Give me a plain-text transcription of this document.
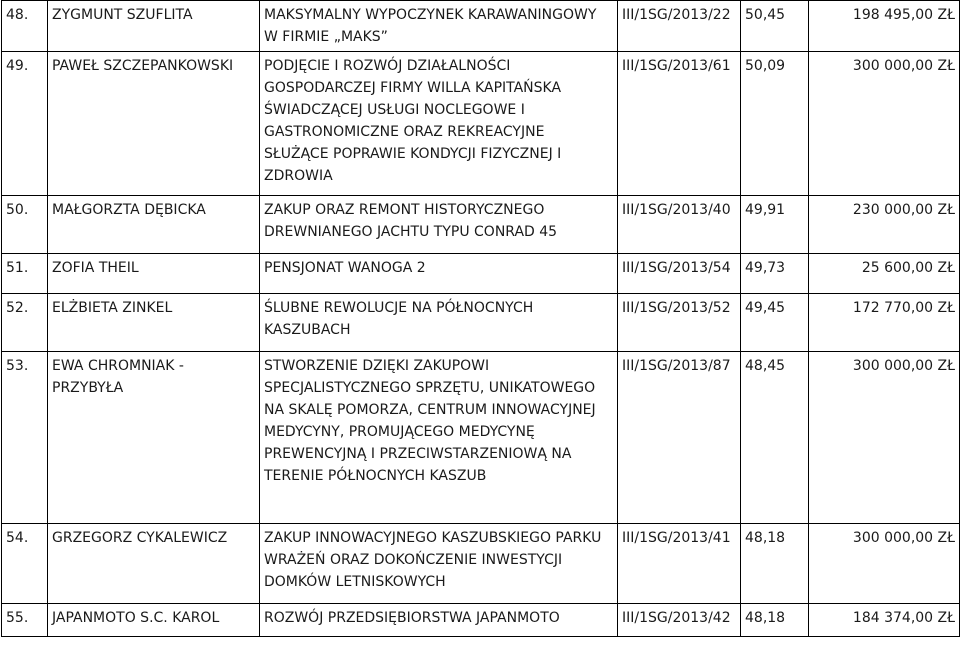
48.	ZYGMUNT SZUFLITA	MAKSYMALNY WYPOCZYNEK KARAWANINGOWY W FIRMIE „MAKS”	III/1SG/2013/22	50,45	198 495,00 ZŁ
49.	PAWEŁ SZCZEPANKOWSKI	PODJĘCIE I ROZWÓJ DZIAŁALNOŚCI GOSPODARCZEJ FIRMY WILLA KAPITAŃSKA ŚWIADCZĄCEJ USŁUGI NOCLEGOWE I GASTRONOMICZNE ORAZ REKREACYJNE SŁUŻĄCE POPRAWIE KONDYCJI FIZYCZNEJ I ZDROWIA	III/1SG/2013/61	50,09	300 000,00 ZŁ
50.	MAŁGORZTA DĘBICKA	ZAKUP ORAZ REMONT HISTORYCZNEGO DREWNIANEGO JACHTU TYPU CONRAD 45	III/1SG/2013/40	49,91	230 000,00 ZŁ
51.	ZOFIA THEIL	PENSJONAT WANOGA 2	III/1SG/2013/54	49,73	25 600,00 ZŁ
52.	ELŻBIETA ZINKEL	ŚLUBNE REWOLUCJE NA PÓŁNOCNYCH KASZUBACH	III/1SG/2013/52	49,45	172 770,00 ZŁ
53.	EWA CHROMNIAK - PRZYBYŁA	STWORZENIE DZIĘKI ZAKUPOWI SPECJALISTYCZNEGO SPRZĘTU, UNIKATOWEGO NA SKALĘ POMORZA, CENTRUM INNOWACYJNEJ MEDYCYNY, PROMUJĄCEGO MEDYCYNĘ PREWENCYJNĄ I PRZECIWSTARZENIOWĄ NA TERENIE PÓŁNOCNYCH KASZUB	III/1SG/2013/87	48,45	300 000,00 ZŁ
54.	GRZEGORZ CYKALEWICZ	ZAKUP INNOWACYJNEGO KASZUBSKIEGO PARKU WRAŻEŃ ORAZ DOKOŃCZENIE INWESTYCJI DOMKÓW LETNISKOWYCH	III/1SG/2013/41	48,18	300 000,00 ZŁ
55.	JAPANMOTO S.C. KAROL	ROZWÓJ PRZEDSIĘBIORSTWA JAPANMOTO	III/1SG/2013/42	48,18	184 374,00 ZŁ
